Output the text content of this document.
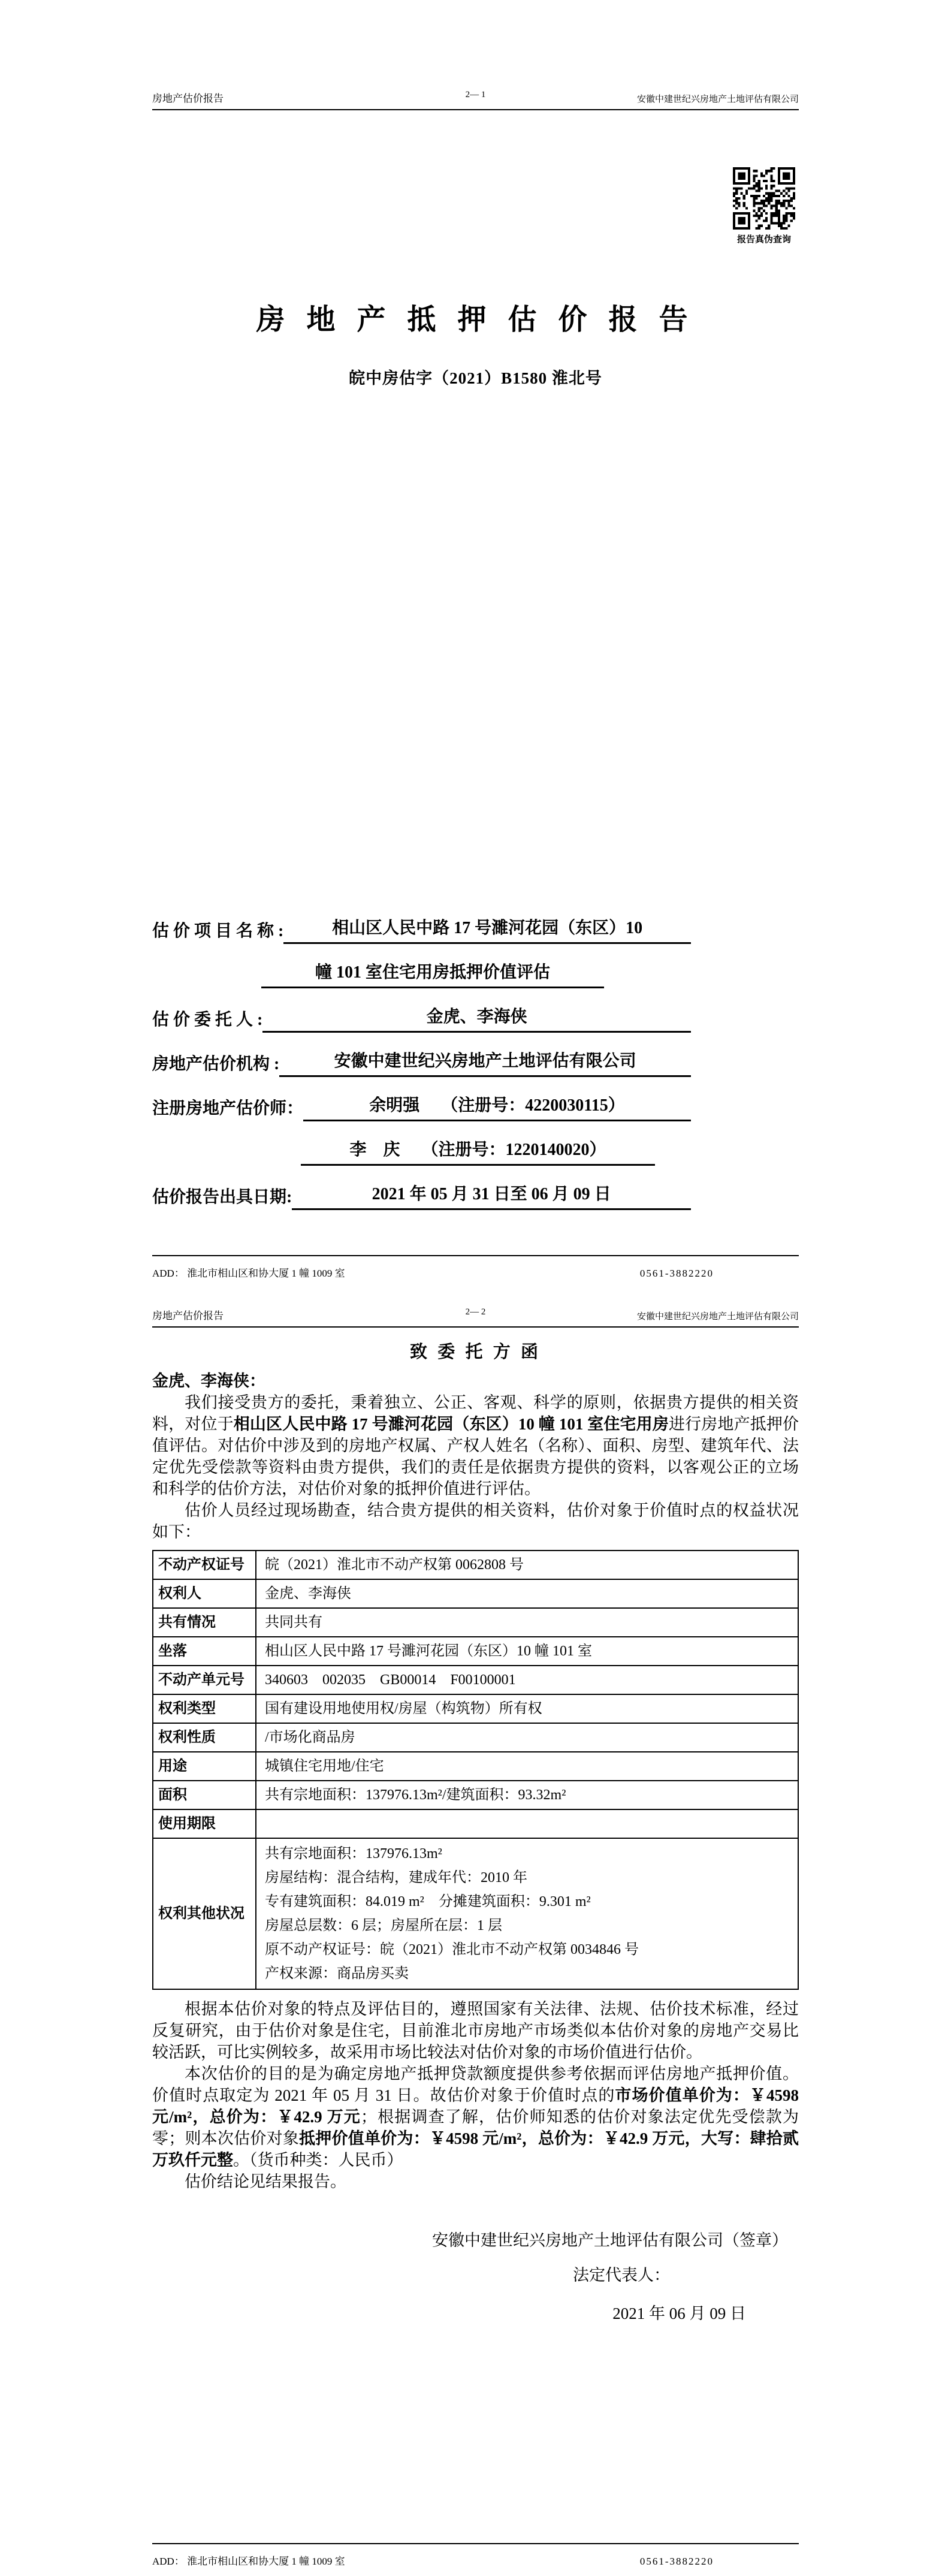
房地产估价报告	2— 1	安徽中建世纪兴房地产土地评估有限公司
报告真伪查询
房 地 产 抵 押 估 价 报 告
皖中房估字（2021）B1580 淮北号
估 价 项 目 名 称 :	相山区人民中路 17 号濉河花园（东区）10
幢 101 室住宅用房抵押价值评估
估 价 委 托 人 :	金虎、李海侠
房地产估价机构 :	安徽中建世纪兴房地产土地评估有限公司
注册房地产估价师：	余明强 （注册号：4220030115）
李　庆 （注册号：1220140020）
估价报告出具日期:	2021 年 05 月 31 日至 06 月 09 日
ADD： 淮北市相山区和协大厦 1 幢 1009 室	0561-3882220
房地产估价报告	2— 2	安徽中建世纪兴房地产土地评估有限公司
致 委 托 方 函
金虎、李海侠：

我们接受贵方的委托，秉着独立、公正、客观、科学的原则，依据贵方提供的相关资料，对位于相山区人民中路 17 号濉河花园（东区）10 幢 101 室住宅用房进行房地产抵押价值评估。对估价中涉及到的房地产权属、产权人姓名（名称）、面积、房型、建筑年代、法定优先受偿款等资料由贵方提供，我们的责任是依据贵方提供的资料，以客观公正的立场和科学的估价方法，对估价对象的抵押价值进行评估。

估价人员经过现场勘查，结合贵方提供的相关资料，估价对象于价值时点的权益状况如下：

不动产权证号	皖（2021）淮北市不动产权第 0062808 号
权利人	金虎、李海侠
共有情况	共同共有
坐落	相山区人民中路 17 号濉河花园（东区）10 幢 101 室
不动产单元号	340603　002035　GB00014　F00100001
权利类型	国有建设用地使用权/房屋（构筑物）所有权
权利性质	/市场化商品房
用途	城镇住宅用地/住宅
面积	共有宗地面积：137976.13m²/建筑面积：93.32m²
使用期限	
权利其他状况	
共有宗地面积：137976.13m²
房屋结构：混合结构，建成年代：2010 年
专有建筑面积：84.019 m²　分摊建筑面积：9.301 m²
房屋总层数：6 层；房屋所在层：1 层
原不动产权证号：皖（2021）淮北市不动产权第 0034846 号
产权来源：商品房买卖

根据本估价对象的特点及评估目的，遵照国家有关法律、法规、估价技术标准，经过反复研究，由于估价对象是住宅，目前淮北市房地产市场类似本估价对象的房地产交易比较活跃，可比实例较多，故采用市场比较法对估价对象的市场价值进行估价。

本次估价的目的是为确定房地产抵押贷款额度提供参考依据而评估房地产抵押价值。价值时点取定为 2021 年 05 月 31 日。故估价对象于价值时点的市场价值单价为：￥4598 元/m²，总价为：￥42.9 万元；根据调查了解，估价师知悉的估价对象法定优先受偿款为零；则本次估价对象抵押价值单价为：￥4598 元/m²，总价为：￥42.9 万元，大写：肆拾贰万玖仟元整。（货币种类：人民币）

估价结论见结果报告。

安徽中建世纪兴房地产土地评估有限公司（签章）
法定代表人：
2021 年 06 月 09 日
ADD： 淮北市相山区和协大厦 1 幢 1009 室	0561-3882220
